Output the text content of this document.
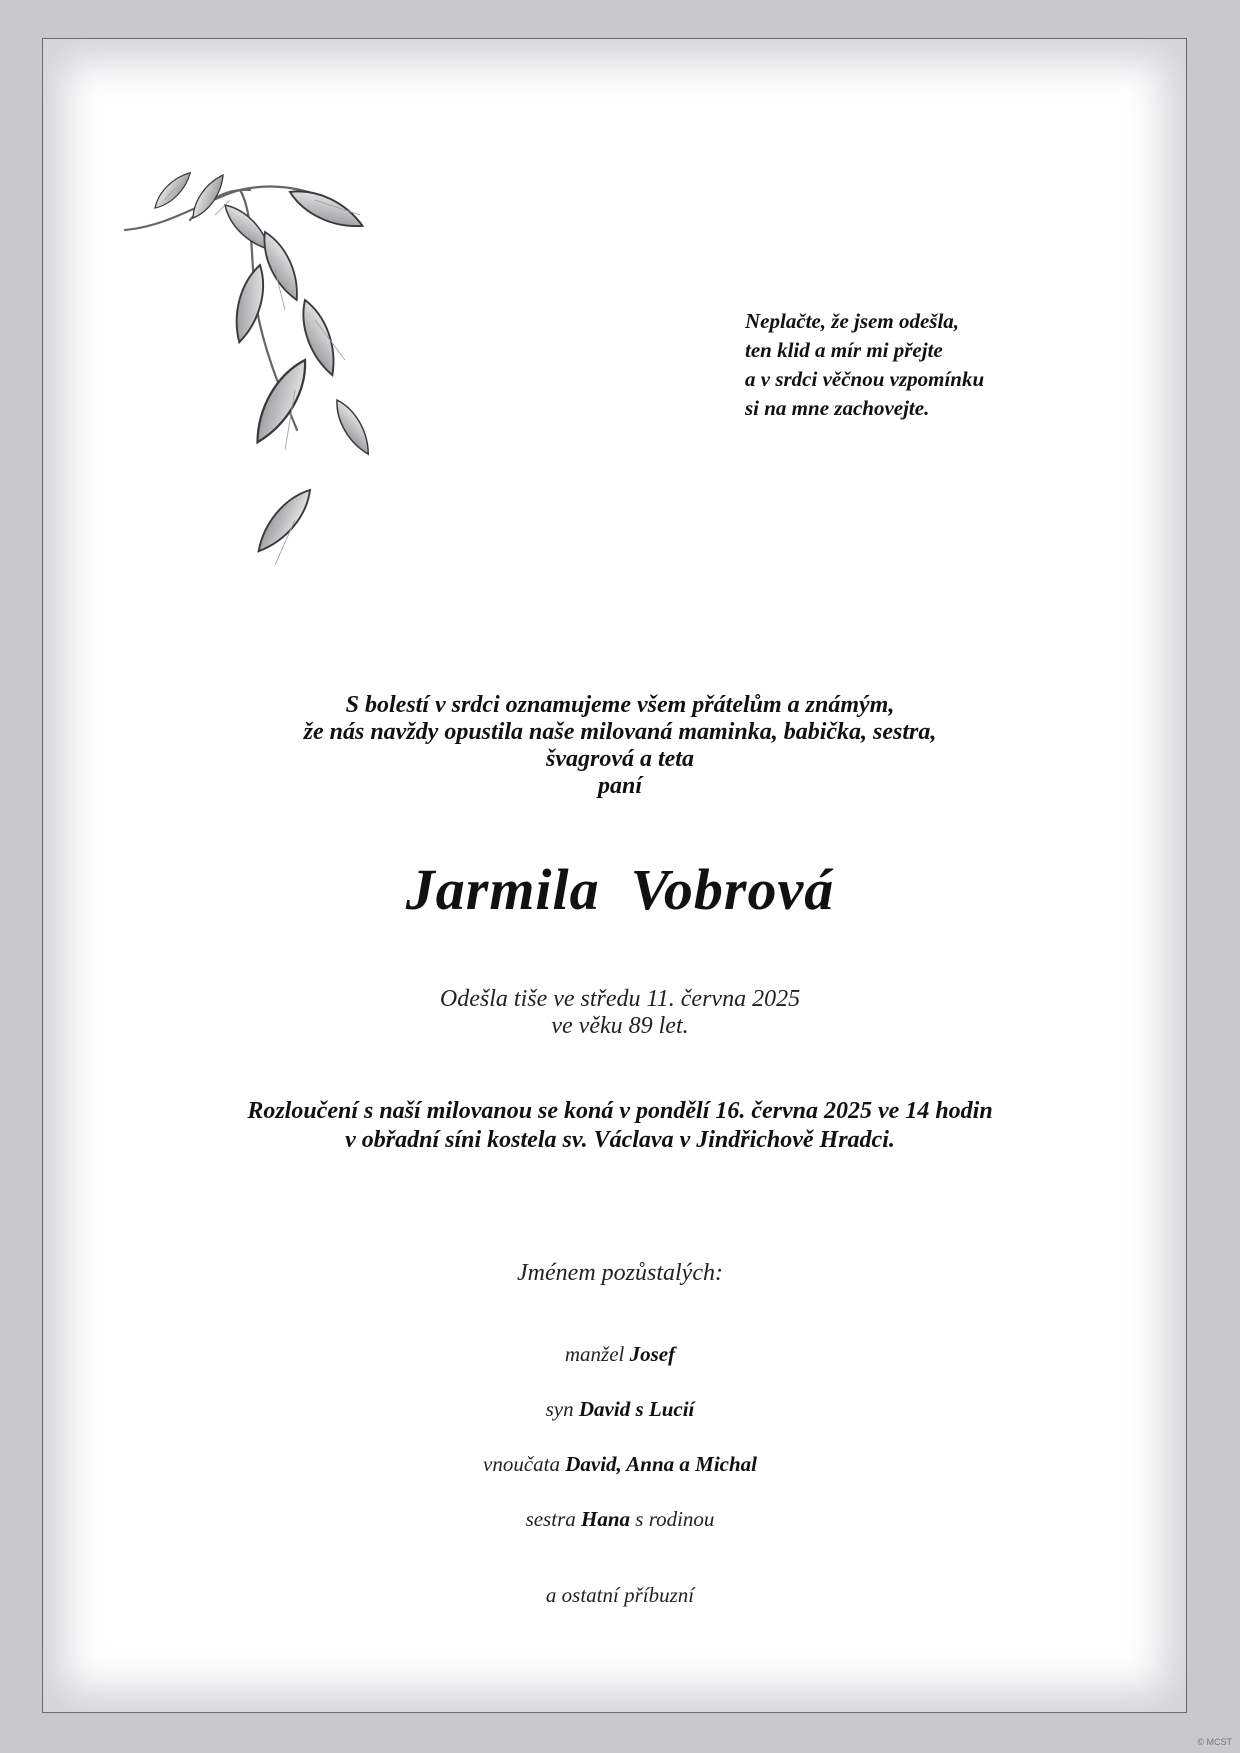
Neplačte, že jsem odešla,
ten klid a mír mi přejte
a v srdci věčnou vzpomínku
si na mne zachovejte.
S bolestí v srdci oznamujeme všem přátelům a známým,
že nás navždy opustila naše milovaná maminka, babička, sestra,
švagrová a teta
paní
Jarmila  Vobrová
Odešla tiše ve středu 11. června 2025
ve věku 89 let.
Rozloučení s naší milovanou se koná v pondělí 16. června 2025 ve 14 hodin
v obřadní síni kostela sv. Václava v Jindřichově Hradci.
Jménem pozůstalých:
manžel Josef
syn David s Lucií
vnoučata David, Anna a Michal
sestra Hana s rodinou
a ostatní příbuzní
© MCST
